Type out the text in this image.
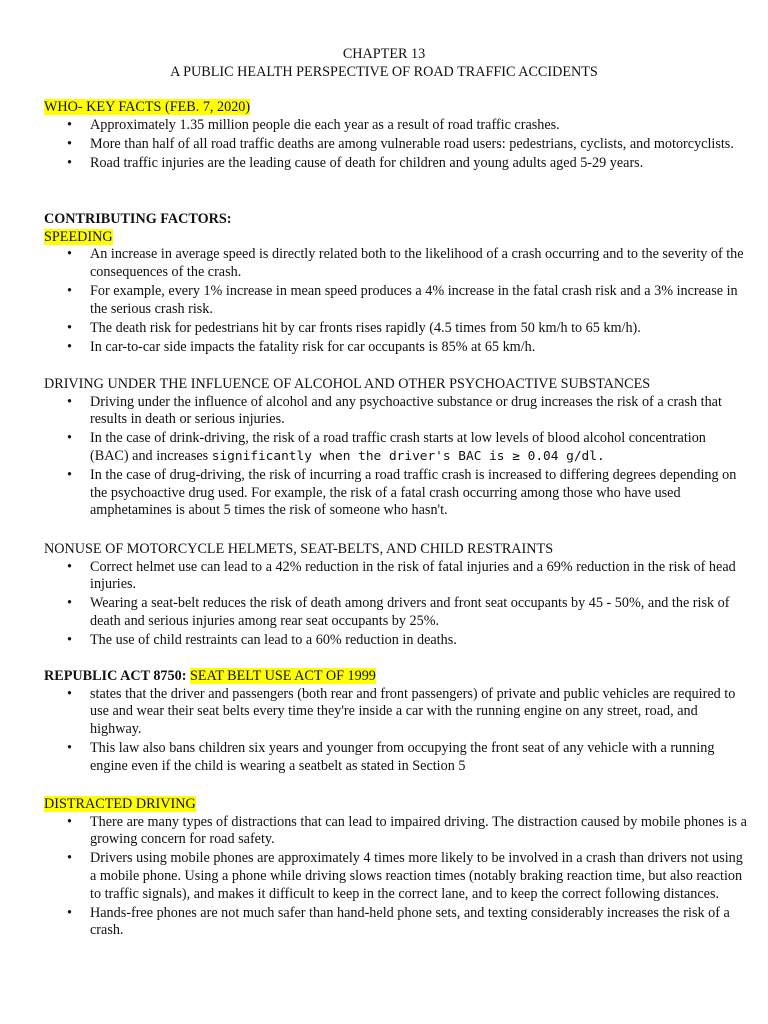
CHAPTER 13
A PUBLIC HEALTH PERSPECTIVE OF ROAD TRAFFIC ACCIDENTS
WHO- KEY FACTS (FEB. 7, 2020)
• Approximately 1.35 million people die each year as a result of road traffic crashes.
• More than half of all road traffic deaths are among vulnerable road users: pedestrians, cyclists, and motorcyclists.
• Road traffic injuries are the leading cause of death for children and young adults aged 5-29 years.
CONTRIBUTING FACTORS:
SPEEDING
• An increase in average speed is directly related both to the likelihood of a crash occurring and to the severity of the consequences of the crash.
• For example, every 1% increase in mean speed produces a 4% increase in the fatal crash risk and a 3% increase in the serious crash risk.
• The death risk for pedestrians hit by car fronts rises rapidly (4.5 times from 50 km/h to 65 km/h).
• In car-to-car side impacts the fatality risk for car occupants is 85% at 65 km/h.
DRIVING UNDER THE INFLUENCE OF ALCOHOL AND OTHER PSYCHOACTIVE SUBSTANCES
• Driving under the influence of alcohol and any psychoactive substance or drug increases the risk of a crash that results in death or serious injuries.
• In the case of drink-driving, the risk of a road traffic crash starts at low levels of blood alcohol concentration (BAC) and increases significantly when the driver's BAC is ≥ 0.04 g/dl.
• In the case of drug-driving, the risk of incurring a road traffic crash is increased to differing degrees depending on the psychoactive drug used. For example, the risk of a fatal crash occurring among those who have used amphetamines is about 5 times the risk of someone who hasn't.
NONUSE OF MOTORCYCLE HELMETS, SEAT-BELTS, AND CHILD RESTRAINTS
• Correct helmet use can lead to a 42% reduction in the risk of fatal injuries and a 69% reduction in the risk of head injuries.
• Wearing a seat-belt reduces the risk of death among drivers and front seat occupants by 45 - 50%, and the risk of death and serious injuries among rear seat occupants by 25%.
• The use of child restraints can lead to a 60% reduction in deaths.
REPUBLIC ACT 8750: SEAT BELT USE ACT OF 1999
• states that the driver and passengers (both rear and front passengers) of private and public vehicles are required to use and wear their seat belts every time they're inside a car with the running engine on any street, road, and highway.
• This law also bans children six years and younger from occupying the front seat of any vehicle with a running engine even if the child is wearing a seatbelt as stated in Section 5
DISTRACTED DRIVING
• There are many types of distractions that can lead to impaired driving. The distraction caused by mobile phones is a growing concern for road safety.
• Drivers using mobile phones are approximately 4 times more likely to be involved in a crash than drivers not using a mobile phone. Using a phone while driving slows reaction times (notably braking reaction time, but also reaction to traffic signals), and makes it difficult to keep in the correct lane, and to keep the correct following distances.
• Hands-free phones are not much safer than hand-held phone sets, and texting considerably increases the risk of a crash.
